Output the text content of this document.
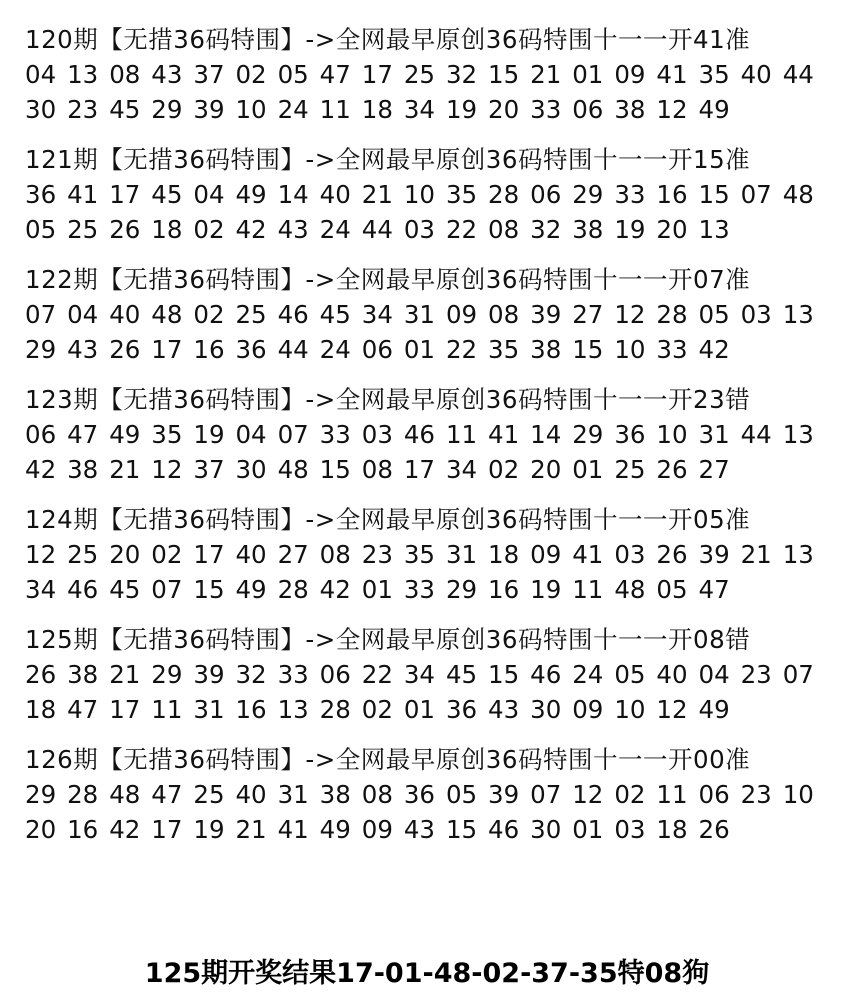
120期【无措36码特围】->全网最早原创36码特围十一一开41准
04 13 08 43 37 02 05 47 17 25 32 15 21 01 09 41 35 40 44
30 23 45 29 39 10 24 11 18 34 19 20 33 06 38 12 49
121期【无措36码特围】->全网最早原创36码特围十一一开15准
36 41 17 45 04 49 14 40 21 10 35 28 06 29 33 16 15 07 48
05 25 26 18 02 42 43 24 44 03 22 08 32 38 19 20 13
122期【无措36码特围】->全网最早原创36码特围十一一开07准
07 04 40 48 02 25 46 45 34 31 09 08 39 27 12 28 05 03 13
29 43 26 17 16 36 44 24 06 01 22 35 38 15 10 33 42
123期【无措36码特围】->全网最早原创36码特围十一一开23错
06 47 49 35 19 04 07 33 03 46 11 41 14 29 36 10 31 44 13
42 38 21 12 37 30 48 15 08 17 34 02 20 01 25 26 27
124期【无措36码特围】->全网最早原创36码特围十一一开05准
12 25 20 02 17 40 27 08 23 35 31 18 09 41 03 26 39 21 13
34 46 45 07 15 49 28 42 01 33 29 16 19 11 48 05 47
125期【无措36码特围】->全网最早原创36码特围十一一开08错
26 38 21 29 39 32 33 06 22 34 45 15 46 24 05 40 04 23 07
18 47 17 11 31 16 13 28 02 01 36 43 30 09 10 12 49
126期【无措36码特围】->全网最早原创36码特围十一一开00准
29 28 48 47 25 40 31 38 08 36 05 39 07 12 02 11 06 23 10
20 16 42 17 19 21 41 49 09 43 15 46 30 01 03 18 26
125期开奖结果17-01-48-02-37-35特08狗
